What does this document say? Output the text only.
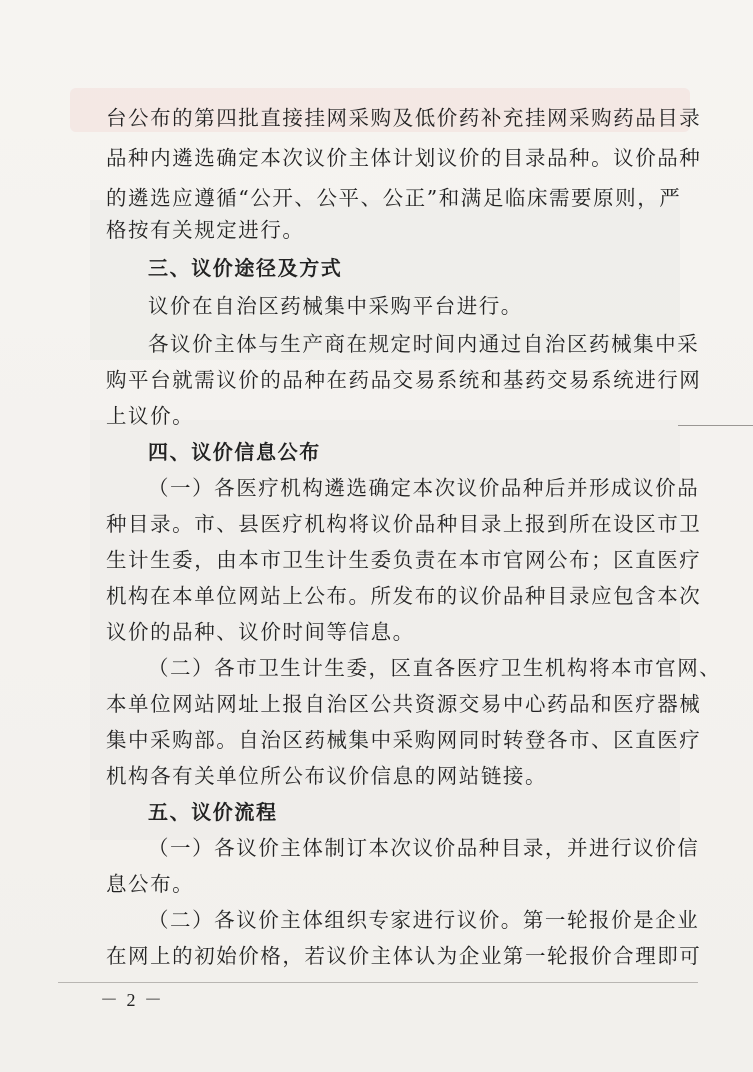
台公布的第四批直接挂网采购及低价药补充挂网采购药品目录
品种内遴选确定本次议价主体计划议价的目录品种。议价品种
的遴选应遵循“公开、公平、公正”和满足临床需要原则，严
格按有关规定进行。
三、议价途径及方式
议价在自治区药械集中采购平台进行。
各议价主体与生产商在规定时间内通过自治区药械集中采
购平台就需议价的品种在药品交易系统和基药交易系统进行网
上议价。
四、议价信息公布
（一）各医疗机构遴选确定本次议价品种后并形成议价品
种目录。市、县医疗机构将议价品种目录上报到所在设区市卫
生计生委，由本市卫生计生委负责在本市官网公布；区直医疗
机构在本单位网站上公布。所发布的议价品种目录应包含本次
议价的品种、议价时间等信息。
（二）各市卫生计生委，区直各医疗卫生机构将本市官网、
本单位网站网址上报自治区公共资源交易中心药品和医疗器械
集中采购部。自治区药械集中采购网同时转登各市、区直医疗
机构各有关单位所公布议价信息的网站链接。
五、议价流程
（一）各议价主体制订本次议价品种目录，并进行议价信
息公布。
（二）各议价主体组织专家进行议价。第一轮报价是企业
在网上的初始价格，若议价主体认为企业第一轮报价合理即可
－ 2 －
